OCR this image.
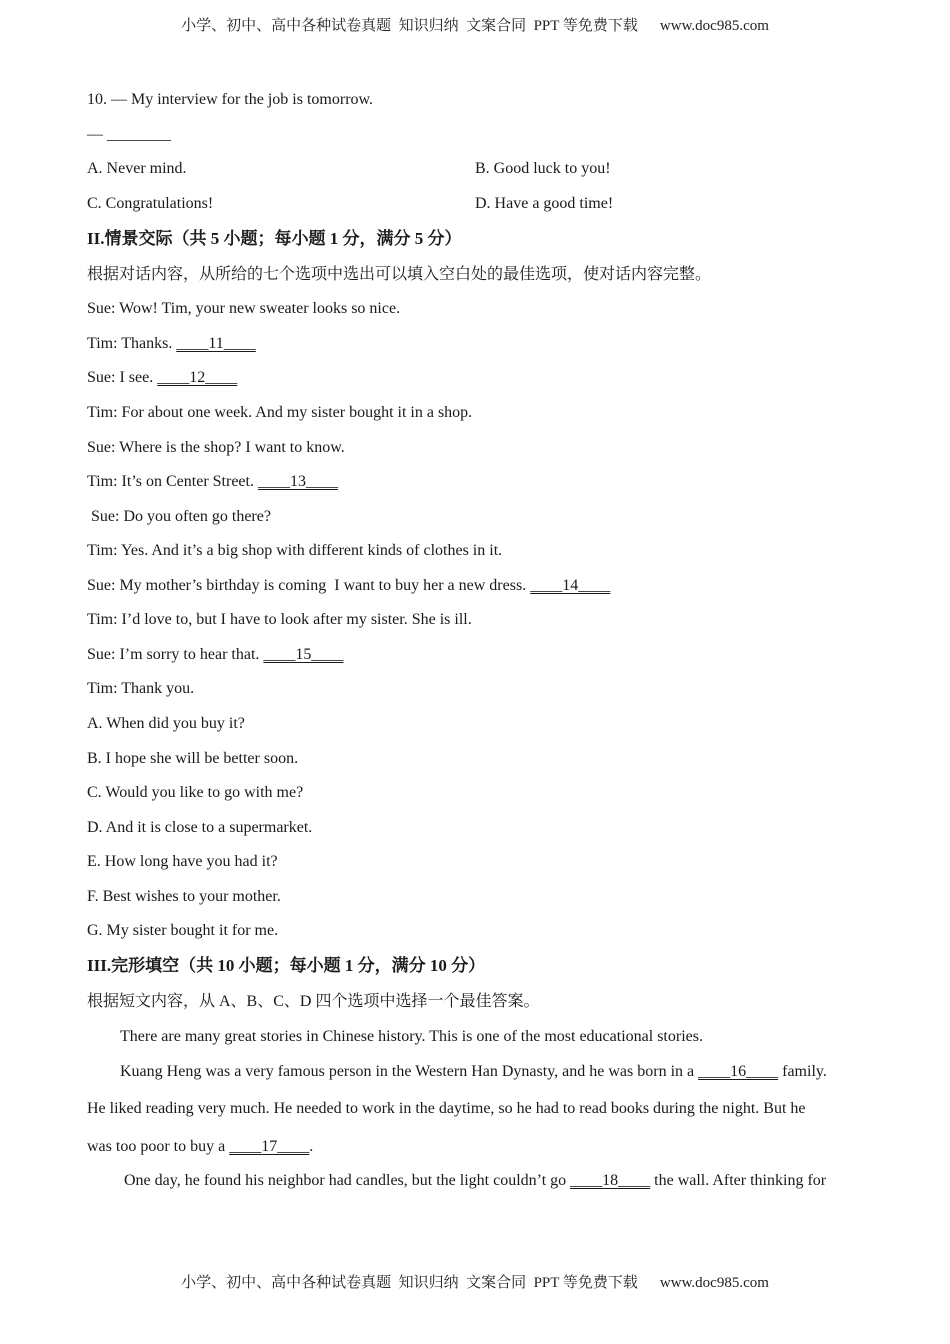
小学、初中、高中各种试卷真题  知识归纳  文案合同  PPT 等免费下载 www.doc985.com
10. — My interview for the job is tomorrow.
— ________
A. Never mind.	B. Good luck to you!
C. Congratulations!	D. Have a good time!
II.情景交际（共 5 小题；每小题 1 分，满分 5 分）
根据对话内容，从所给的七个选项中选出可以填入空白处的最佳选项，使对话内容完整。
Sue: Wow! Tim, your new sweater looks so nice.
Tim: Thanks. ____11____
Sue: I see. ____12____
Tim: For about one week. And my sister bought it in a shop.
Sue: Where is the shop? I want to know.
Tim: It’s on Center Street. ____13____
Sue: Do you often go there?
Tim: Yes. And it’s a big shop with different kinds of clothes in it.
Sue: My mother’s birthday is coming  I want to buy her a new dress. ____14____
Tim: I’d love to, but I have to look after my sister. She is ill.
Sue: I’m sorry to hear that. ____15____
Tim: Thank you.
A. When did you buy it?
B. I hope she will be better soon.
C. Would you like to go with me?
D. And it is close to a supermarket.
E. How long have you had it?
F. Best wishes to your mother.
G. My sister bought it for me.
III.完形填空（共 10 小题；每小题 1 分，满分 10 分）
根据短文内容，从 A、B、C、D 四个选项中选择一个最佳答案。
There are many great stories in Chinese history. This is one of the most educational stories.
Kuang Heng was a very famous person in the Western Han Dynasty, and he was born in a ____16____ family.
He liked reading very much. He needed to work in the daytime, so he had to read books during the night. But he
was too poor to buy a ____17____.
One day, he found his neighbor had candles, but the light couldn’t go ____18____ the wall. After thinking for
小学、初中、高中各种试卷真题  知识归纳  文案合同  PPT 等免费下载 www.doc985.com
